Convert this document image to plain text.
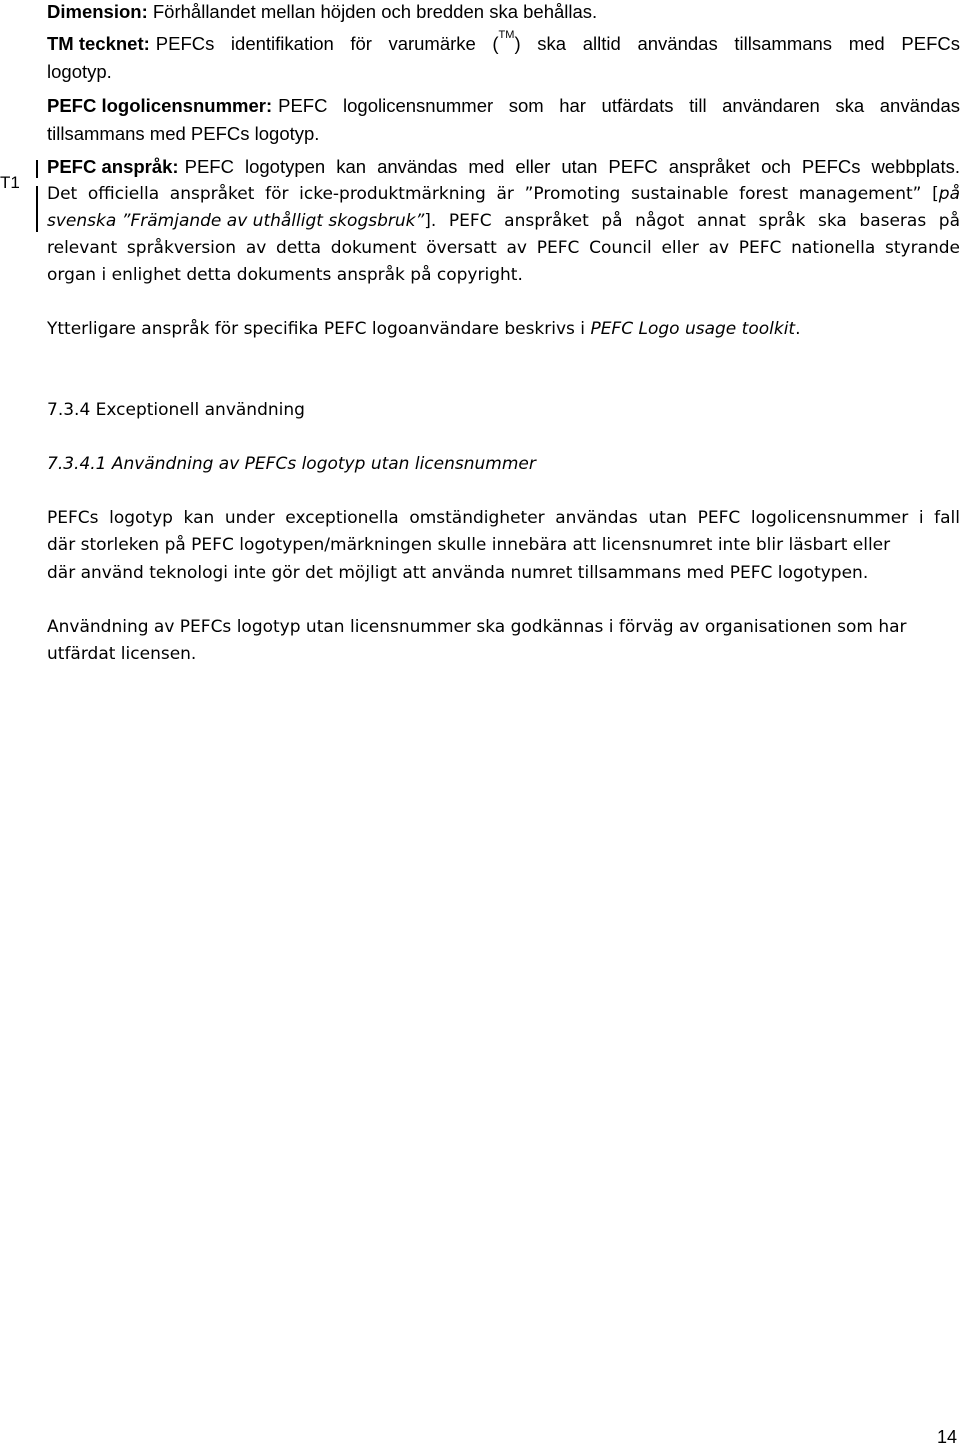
Dimension: Förhållandet mellan höjden och bredden ska behållas.
TM tecknet: PEFCs identifikation för varumärke ( TM ) ska alltid användas tillsammans med PEFCs
logotyp.
PEFC logolicensnummer: PEFC logolicensnummer som har utfärdats till användaren ska användas
tillsammans med PEFCs logotyp.
T1
PEFC anspråk: PEFC logotypen kan användas med eller utan PEFC anspråket och PEFCs webbplats.
Det officiella anspråket för icke-produktmärkning är ”Promoting sustainable forest management” [ på
svenska ”Främjande av uthålligt skogsbruk” ]. PEFC anspråket på något annat språk ska baseras på
relevant språkversion av detta dokument översatt av PEFC Council eller av PEFC nationella styrande
organ i enlighet detta dokuments anspråk på copyright.
Ytterligare anspråk för specifika PEFC logoanvändare beskrivs i PEFC Logo usage toolkit.
7.3.4 Exceptionell användning
7.3.4.1 Användning av PEFCs logotyp utan licensnummer
PEFCs logotyp kan under exceptionella omständigheter användas utan PEFC logolicensnummer i fall
där storleken på PEFC logotypen/märkningen skulle innebära att licensnumret inte blir läsbart eller
där använd teknologi inte gör det möjligt att använda numret tillsammans med PEFC logotypen.
Användning av PEFCs logotyp utan licensnummer ska godkännas i förväg av organisationen som har
utfärdat licensen.
14
